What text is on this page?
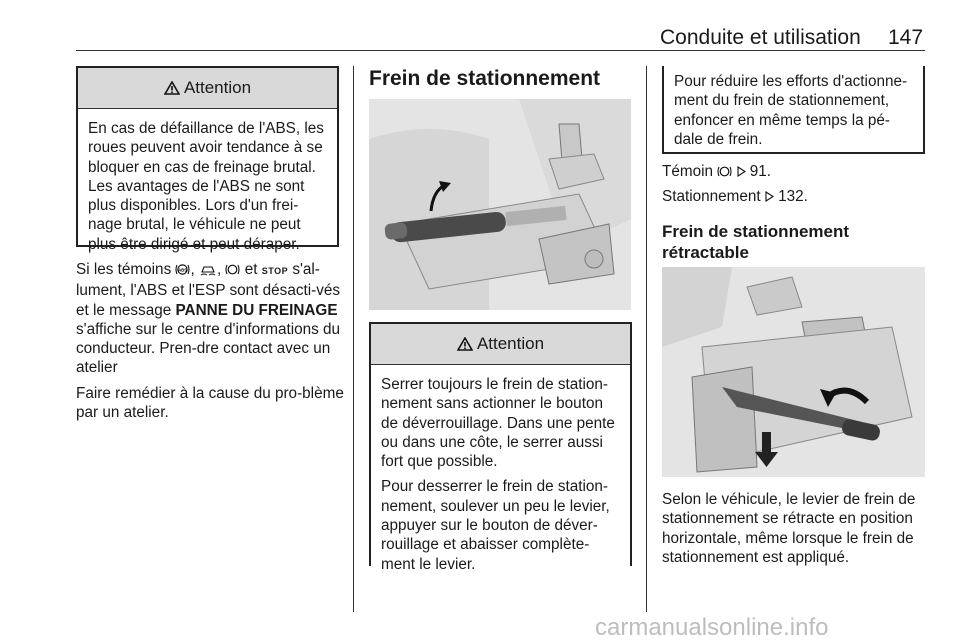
Conduite et utilisation 147
Attention

En cas de défaillance de l'ABS, les roues peuvent avoir tendance à se bloquer en cas de freinage brutal. Les avantages de l'ABS ne sont plus disponibles. Lors d'un frei-nage brutal, le véhicule ne peut plus être dirigé et peut déraper.

Si les témoins ABS , ,  et STOP s'al-lument, l'ABS et l'ESP sont désacti-vés et le message PANNE DU FREINAGE s'affiche sur le centre d'informations du conducteur. Pren-dre contact avec un atelier

Faire remédier à la cause du pro-blème par un atelier.

Frein de stationnement
Attention

Serrer toujours le frein de station-nement sans actionner le bouton de déverrouillage. Dans une pente ou dans une côte, le serrer aussi fort que possible.

Pour desserrer le frein de station-nement, soulever un peu le levier, appuyer sur le bouton de déver-rouillage et abaisser complète-ment le levier.

Pour réduire les efforts d'actionne-ment du frein de stationnement, enfoncer en même temps la pé-dale de frein.

Témoin 91.

Stationnement 132.

Frein de stationnement rétractable

Selon le véhicule, le levier de frein de stationnement se rétracte en position horizontale, même lorsque le frein de stationnement est appliqué.

carmanualsonline.info
